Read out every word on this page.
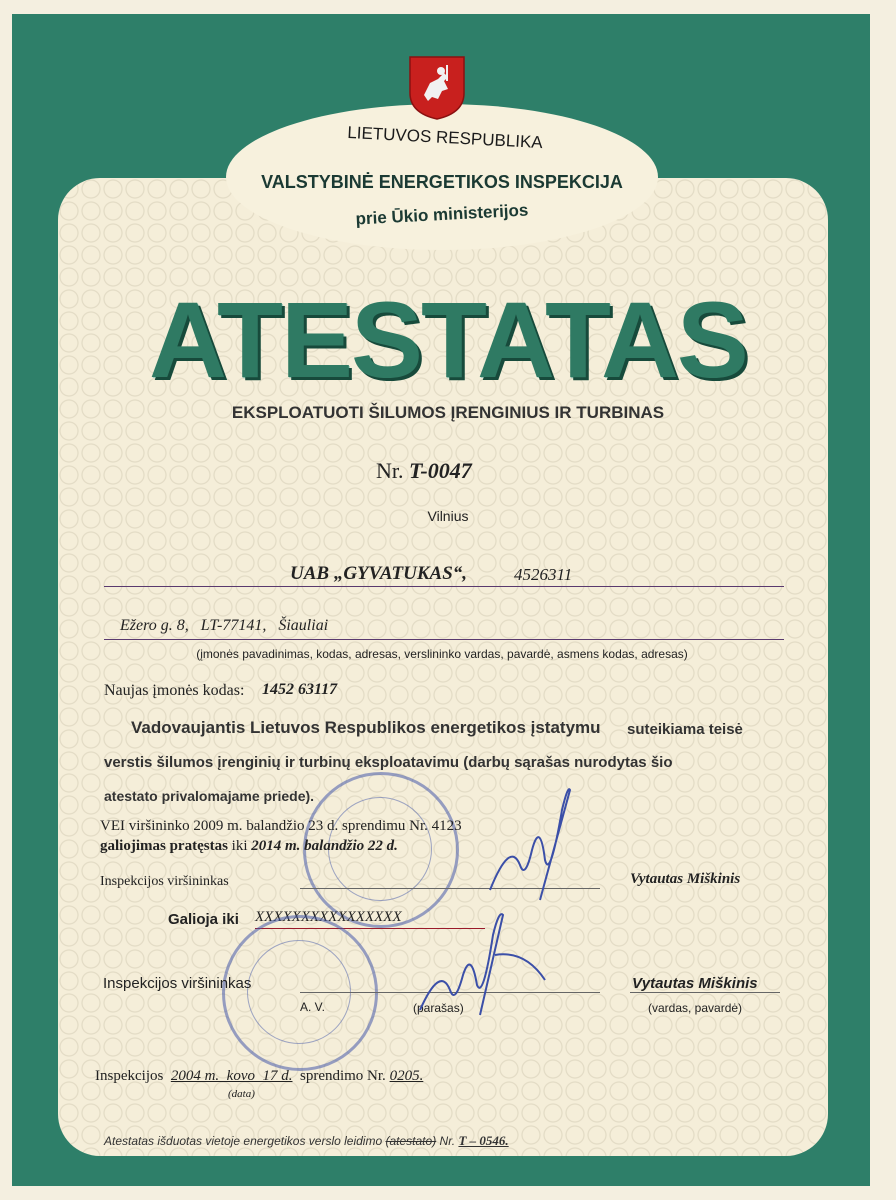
LIETUVOS RESPUBLIKA
VALSTYBINĖ ENERGETIKOS INSPEKCIJA
prie Ūkio ministerijos
ATESTATAS
EKSPLOATUOTI ŠILUMOS ĮRENGINIUS IR TURBINAS
Nr. T-0047
Vilnius
UAB „GYVATUKAS“,	4526311
Ežero g. 8,   LT-77141,   Šiauliai
(įmonės pavadinimas, kodas, adresas, verslininko vardas, pavardė, asmens kodas, adresas)
Naujas įmonės kodas: 1452 63117
Vadovaujantis Lietuvos Respublikos energetikos įstatymu suteikiama teisė
verstis šilumos įrenginių ir turbinų eksploatavimu (darbų sąrašas nurodytas šio
atestato privalomajame priede).
VEI viršininko 2009 m. balandžio 23 d. sprendimu Nr. 4123
galiojimas pratęstas iki 2014 m. balandžio 22 d.
Inspekcijos viršininkas	Vytautas Miškinis
Galioja iki XXXXXXXXXXXXXXXX
Inspekcijos viršininkas
A. V.	(parašas)
Vytautas Miškinis
(vardas, pavardė)
Inspekcijos 2004 m.  kovo  17 d. sprendimo Nr. 0205.
(data)
Atestatas išduotas vietoje energetikos verslo leidimo (atestato) Nr. T – 0546.
